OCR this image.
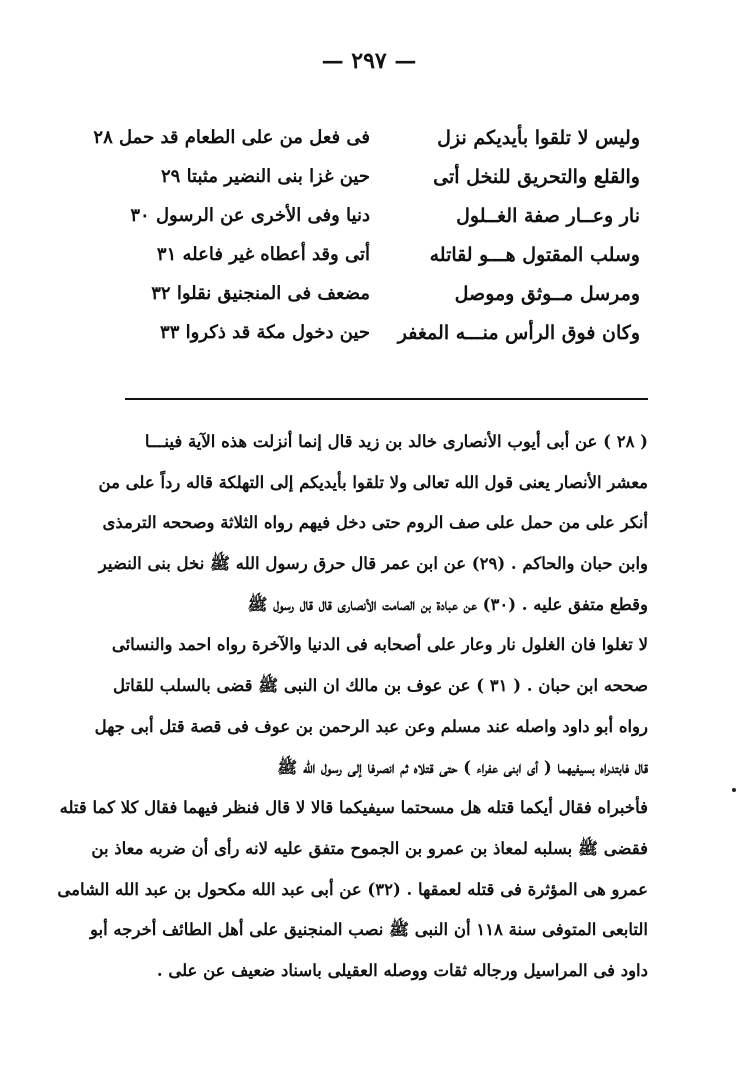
— ٢٩٧ —
وليس لا تلقوا بأيديكم نزل
فى فعل من على الطعام قد حمل ٢٨
والقلع والتحريق للنخل أتى
حين غزا بنى النضير مثبتا ٢٩
نار وعــار صفة الغــلول
دنيا وفى الأخرى عن الرسول ٣٠
وسلب المقتول هـــو لقاتله
أتى وقد أعطاه غير فاعله ٣١
ومرسل مــوثق وموصل
مضعف فى المنجنيق نقلوا ٣٢
وكان فوق الرأس منـــه المغفر
حين دخول مكة قد ذكروا ٣٣
( ٢٨ ) عن أبى أيوب الأنصارى خالد بن زيد قال إنما أنزلت هذه الآية فينـــا
معشر الأنصار يعنى قول الله تعالى ولا تلقوا بأيديكم إلى التهلكة قاله رداً على من
أنكر على من حمل على صف الروم حتى دخل فيهم رواه الثلاثة وصححه الترمذى
وابن حبان والحاكم . (٢٩) عن ابن عمر قال حرق رسول الله ﷺ نخل بنى النضير
وقطع متفق عليه . (٣٠) عن عبادة بن الصامت الأنصارى قال قال رسول ﷺ
لا تغلوا فان الغلول نار وعار على أصحابه فى الدنيا والآخرة رواه احمد والنسائى
صححه ابن حبان . ( ٣١ ) عن عوف بن مالك ان النبى ﷺ قضى بالسلب للقاتل
رواه أبو داود واصله عند مسلم وعن عبد الرحمن بن عوف فى قصة قتل أبى جهل
قال فابتدراه بسيفيهما ( أى ابنى عفراء ) حتى قتلاه ثم انصرفا إلى رسول الله ﷺ
فأخبراه فقال أيكما قتله هل مسحتما سيفيكما قالا لا قال فنظر فيهما فقال كلا كما قتله
فقضى ﷺ بسلبه لمعاذ بن عمرو بن الجموح متفق عليه لانه رأى أن ضربه معاذ بن
عمرو هى المؤثرة فى قتله لعمقها . (٣٢) عن أبى عبد الله مكحول بن عبد الله الشامى
التابعى المتوفى سنة ١١٨ أن النبى ﷺ نصب المنجنيق على أهل الطائف أخرجه أبو
داود فى المراسيل ورجاله ثقات ووصله العقيلى باسناد ضعيف عن على .
